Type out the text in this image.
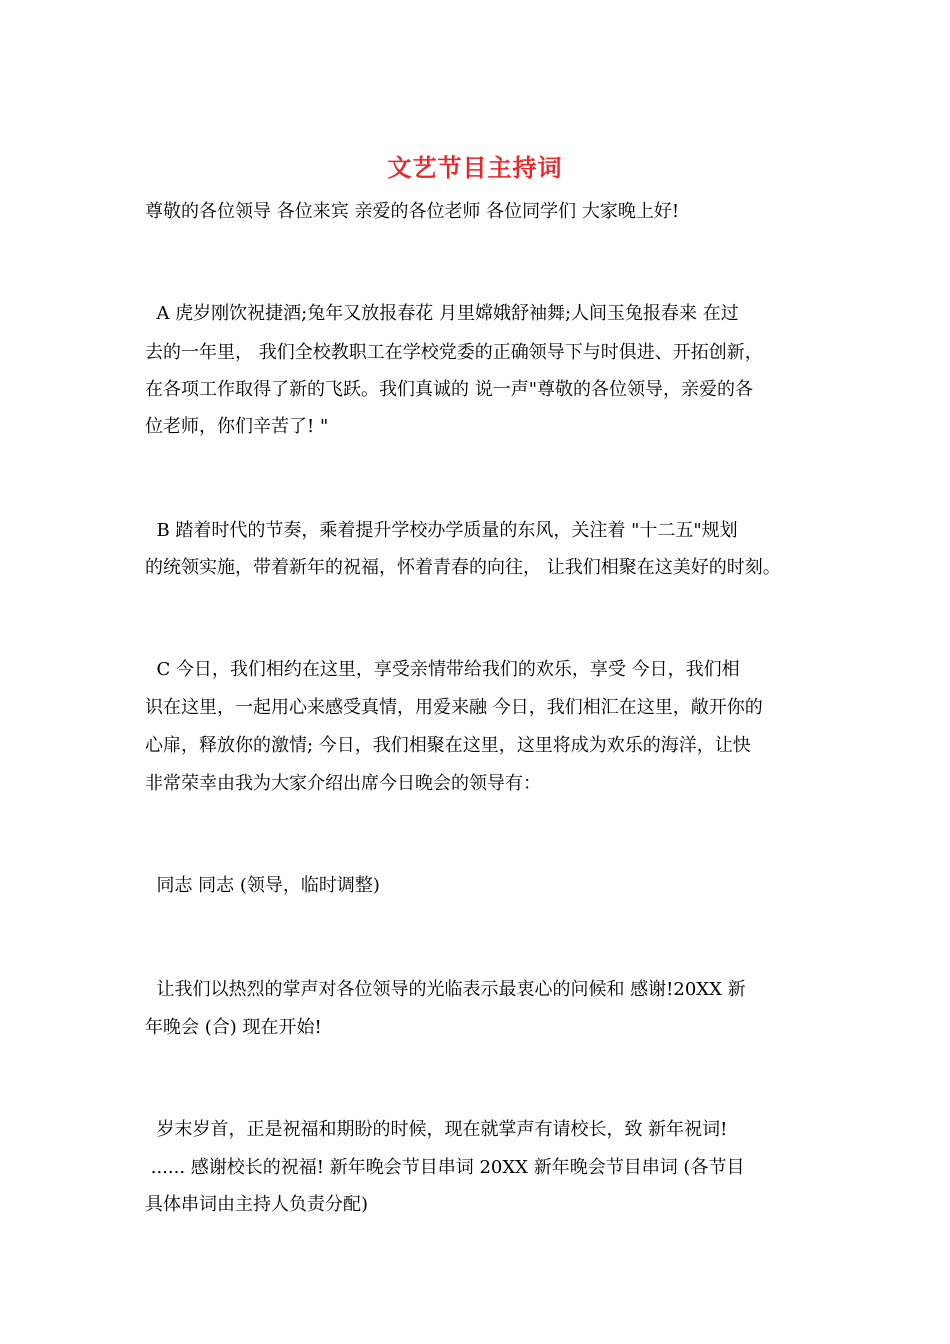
文艺节目主持词
尊敬的各位领导 各位来宾 亲爱的各位老师 各位同学们 大家晚上好!
A 虎岁刚饮祝捷酒;兔年又放报春花 月里嫦娥舒袖舞;人间玉兔报春来 在过
去的一年里， 我们全校教职工在学校党委的正确领导下与时俱进、开拓创新，
在各项工作取得了新的飞跃。我们真诚的 说一声"尊敬的各位领导，亲爱的各
位老师，你们辛苦了! "
B 踏着时代的节奏，乘着提升学校办学质量的东风，关注着 "十二五"规划
的统领实施，带着新年的祝福，怀着青春的向往， 让我们相聚在这美好的时刻。
C 今日，我们相约在这里，享受亲情带给我们的欢乐，享受 今日，我们相
识在这里，一起用心来感受真情，用爱来融 今日，我们相汇在这里，敞开你的
心扉，释放你的激情; 今日，我们相聚在这里，这里将成为欢乐的海洋，让快
非常荣幸由我为大家介绍出席今日晚会的领导有：
同志 同志 (领导，临时调整)
让我们以热烈的掌声对各位领导的光临表示最衷心的问候和 感谢!20XX 新
年晚会 (合) 现在开始!
岁末岁首，正是祝福和期盼的时候，现在就掌声有请校长，致 新年祝词!
...... 感谢校长的祝福! 新年晚会节目串词 20XX 新年晚会节目串词 (各节目
具体串词由主持人负责分配)
